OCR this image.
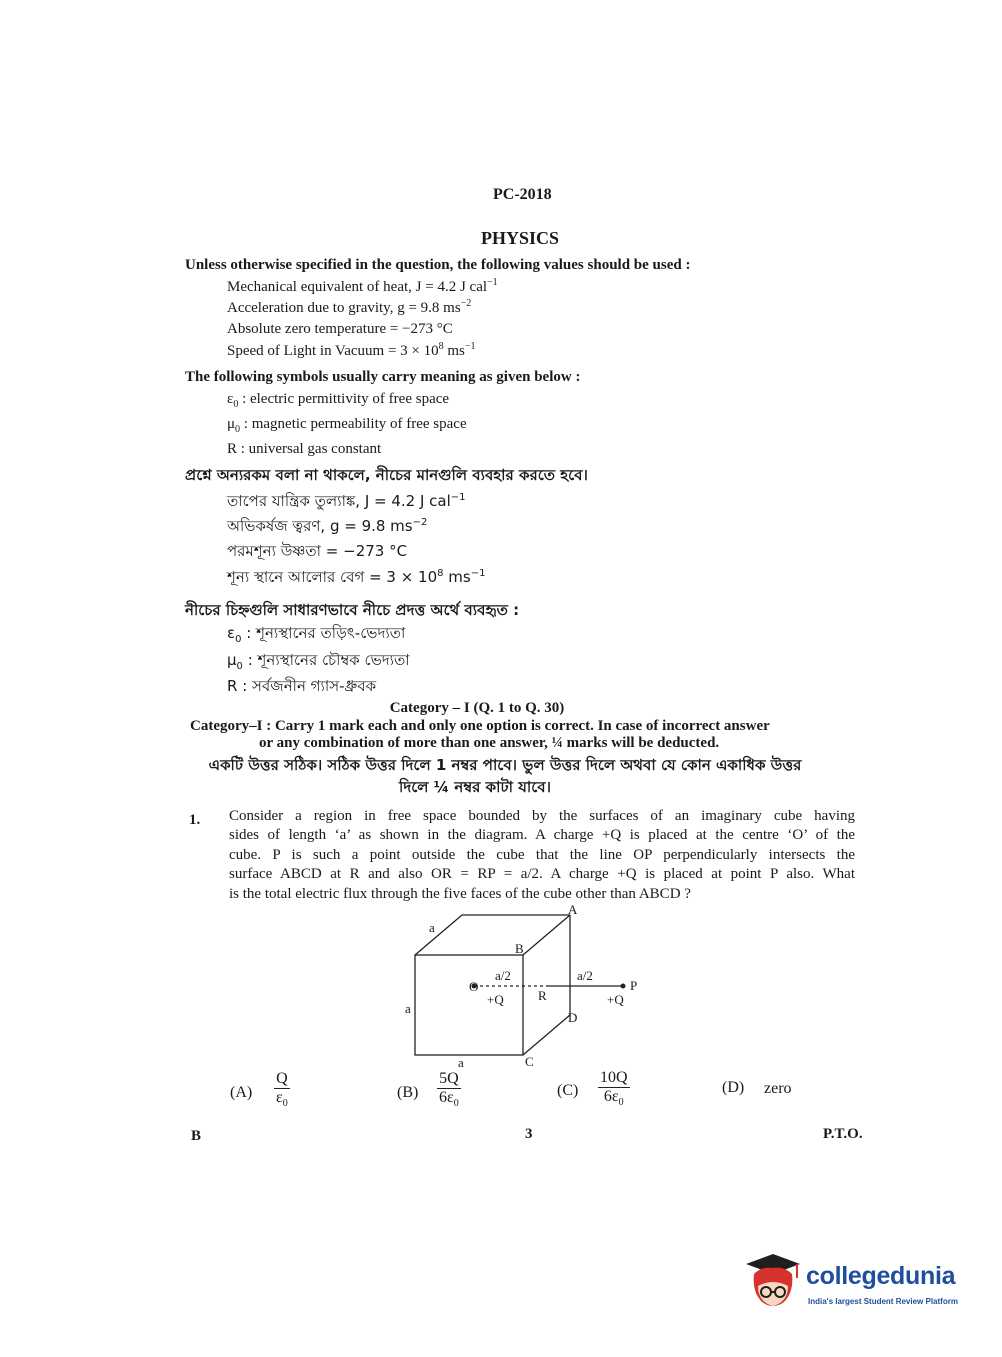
PC-2018
PHYSICS
Unless otherwise specified in the question, the following values should be used :
Mechanical equivalent of heat, J = 4.2 J cal$^{-1}$
Acceleration due to gravity, g = 9.8 $ms^{-2}$
Absolute zero temperature = −273 °C
Speed of Light in Vacuum = $3 \times 10^8$ $ms^{-1}$
The following symbols usually carry meaning as given below :
$\varepsilon_0$ : electric permittivity of free space
$\mu_0$ : magnetic permeability of free space
R : universal gas constant
প্রশ্নে অন্যরকম বলা না থাকলে, নীচের মানগুলি ব্যবহার করতে হবে।
তাপের যান্ত্রিক তুল্যাঙ্ক, J = 4.2 J cal$^{-1}$
অভিকর্ষজ ত্বরণ, g = 9.8 $ms^{-2}$
পরমশূন্য উষ্ণতা = −273 °C
শূন্য স্থানে আলোর বেগ = $3 \times 10^8$ $ms^{-1}$
নীচের চিহ্নগুলি সাধারণভাবে নীচে প্রদত্ত অর্থে ব্যবহৃত :
$\varepsilon_0$ : শূন্যস্থানের তড়িৎ-ভেদ্যতা
$\mu_0$ : শূন্যস্থানের চৌম্বক ভেদ্যতা
R : সর্বজনীন গ্যাস-ধ্রুবক
Category – I (Q. 1 to Q. 30)
Category–I : Carry 1 mark each and only one option is correct. In case of incorrect answer
or any combination of more than one answer, ¼ marks will be deducted.
একটি উত্তর সঠিক। সঠিক উত্তর দিলে 1 নম্বর পাবে। ভুল উত্তর দিলে অথবা যে কোন একাধিক উত্তর
দিলে ¼ নম্বর কাটা যাবে।
1. Consider a region in free space bounded by the surfaces of an imaginary cube having
sides of length ‘a’ as shown in the diagram. A charge +Q is placed at the centre ‘O’ of the
cube. P is such a point outside the cube that the line OP perpendicularly intersects the
surface ABCD at R and also OR = RP = a/2. A charge +Q is placed at point P also. What
is the total electric flux through the five faces of the cube other than ABCD ?
A
B
C
D
a
a
a
a/2	a/2
O
R
P
+Q	+Q
$(A) \frac{Q}{\varepsilon_0}$	$(B) \frac{5Q}{6\varepsilon_0}$	$(C) \frac{10Q}{6\varepsilon_0}$	(D) zero
B	3	P.T.O.
collegedunia
India's largest Student Review Platform
